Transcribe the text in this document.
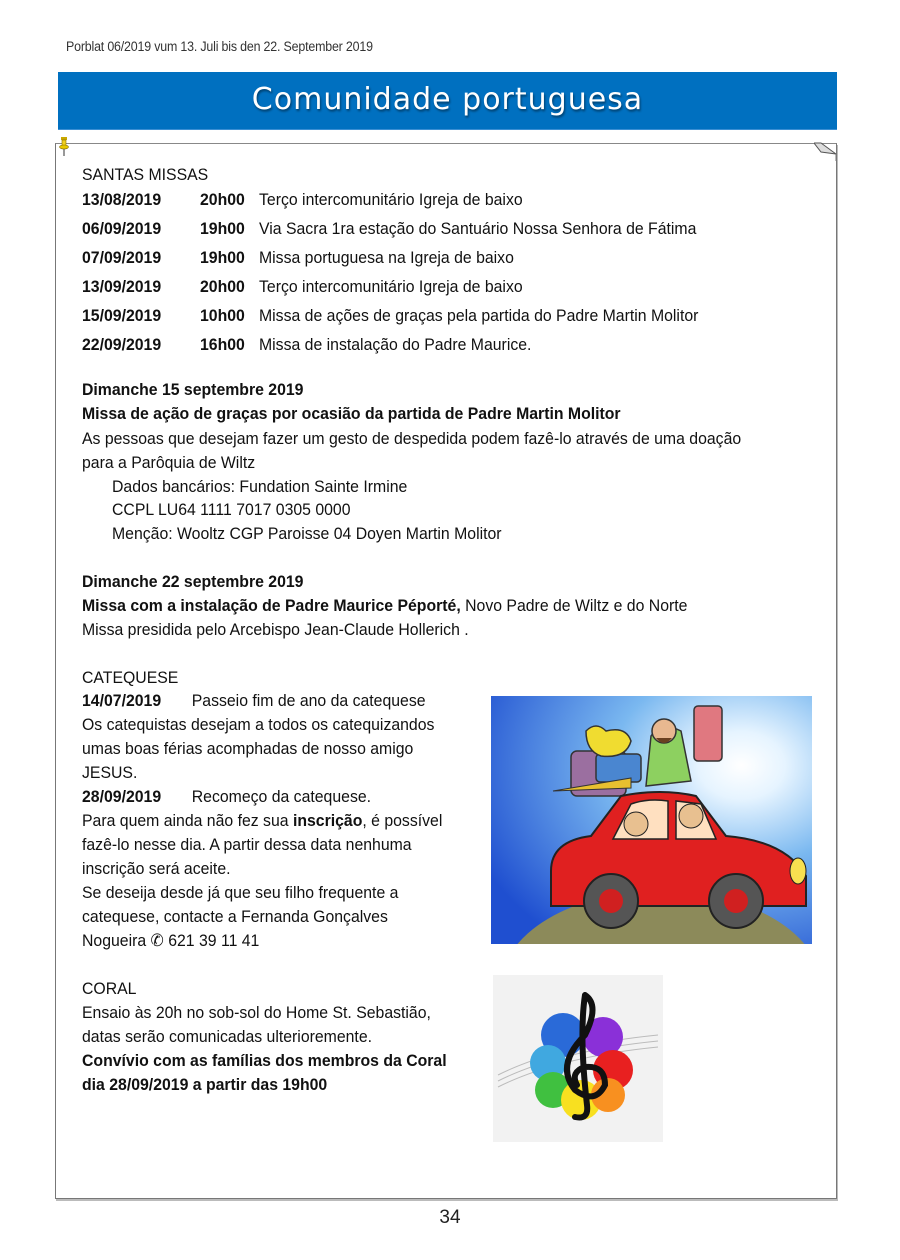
Porblat 06/2019 vum 13. Juli bis den 22. September 2019
Comunidade portuguesa
SANTAS MISSAS
13/08/2019 20h00 Terço intercomunitário Igreja de baixo
06/09/2019 19h00 Via Sacra 1ra estação do Santuário Nossa Senhora de Fátima
07/09/2019 19h00 Missa portuguesa na Igreja de baixo
13/09/2019 20h00 Terço intercomunitário Igreja de baixo
15/09/2019 10h00 Missa de ações de graças pela partida do Padre Martin Molitor
22/09/2019 16h00 Missa de instalação do Padre Maurice.
Dimanche 15 septembre 2019
Missa de ação de graças por ocasião da partida de Padre Martin Molitor
As pessoas que desejam fazer um gesto de despedida podem fazê-lo através de uma doação
para a Parôquia de Wiltz
Dados bancários: Fundation Sainte Irmine
CCPL LU64 1111 7017 0305 0000
Menção: Wooltz CGP Paroisse 04 Doyen Martin Molitor
Dimanche 22 septembre 2019
Missa com a instalação de Padre Maurice Péporté, Novo Padre de Wiltz e do Norte
Missa presidida pelo Arcebispo Jean-Claude Hollerich .
CATEQUESE
14/07/2019 Passeio fim de ano da catequese
Os catequistas desejam a todos os catequizandos
umas boas férias acomphadas de nosso amigo
JESUS.
28/09/2019 Recomeço da catequese.
Para quem ainda não fez sua inscrição, é possível
fazê-lo nesse dia. A partir dessa data nenhuma
inscrição será aceite.
Se deseija desde já que seu filho frequente a
catequese, contacte a Fernanda Gonçalves
Nogueira ✆ 621 39 11 41
CORAL
Ensaio às 20h no sob-sol do Home St. Sebastião,
datas serão comunicadas ulterioremente.
Convívio com as famílias dos membros da Coral
dia 28/09/2019 a partir das 19h00
34
